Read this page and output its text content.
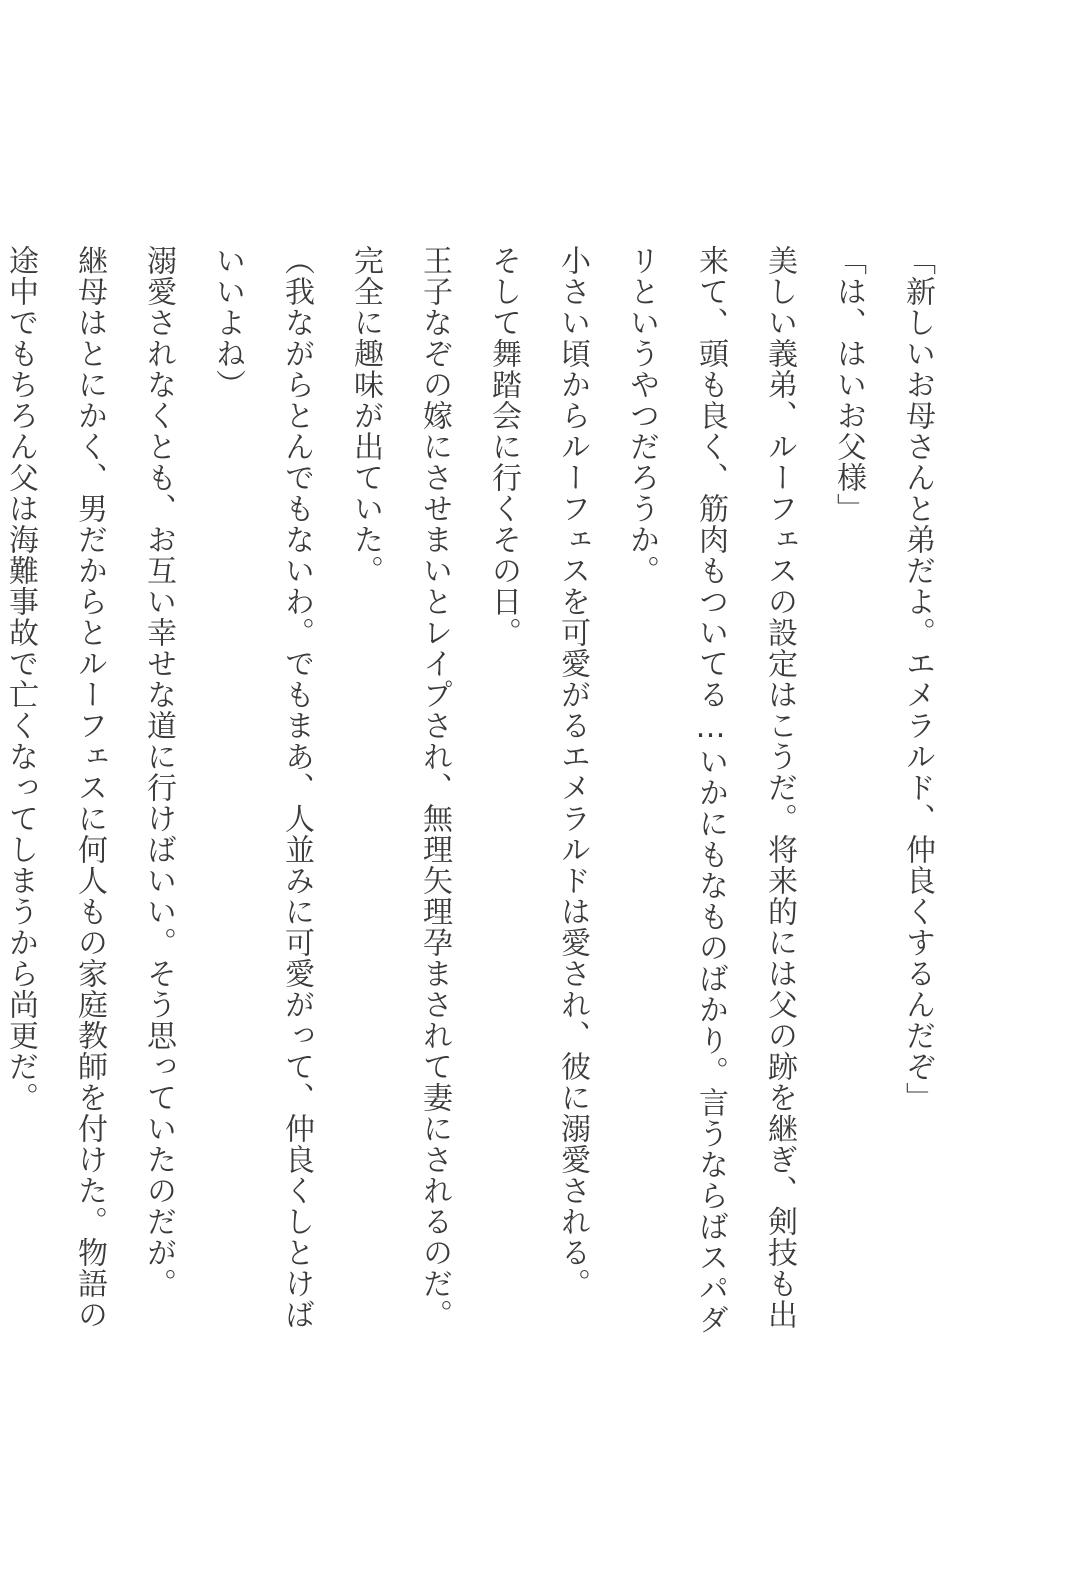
「新しいお母さんと弟だよ。エメラルド、仲良くするんだぞ」

「は、はいお父様」

美しい義弟、ルーフェスの設定はこうだ。将来的には父の跡を継ぎ、剣技も出来て、頭も良く、筋肉もついてる…いかにもなものばかり。言うならばスパダリというやつだろうか。

小さい頃からルーフェスを可愛がるエメラルドは愛され、彼に溺愛される。

そして舞踏会に行くその日。

王子なぞの嫁にさせまいとレイプされ、無理矢理孕まされて妻にされるのだ。

完全に趣味が出ていた。

（我ながらとんでもないわ。でもまあ、人並みに可愛がって、仲良くしとけばいいよね）

溺愛されなくとも、お互い幸せな道に行けばいい。そう思っていたのだが。

継母はとにかく、男だからとルーフェスに何人もの家庭教師を付けた。物語の途中でもちろん父は海難事故で亡くなってしまうから尚更だ。
